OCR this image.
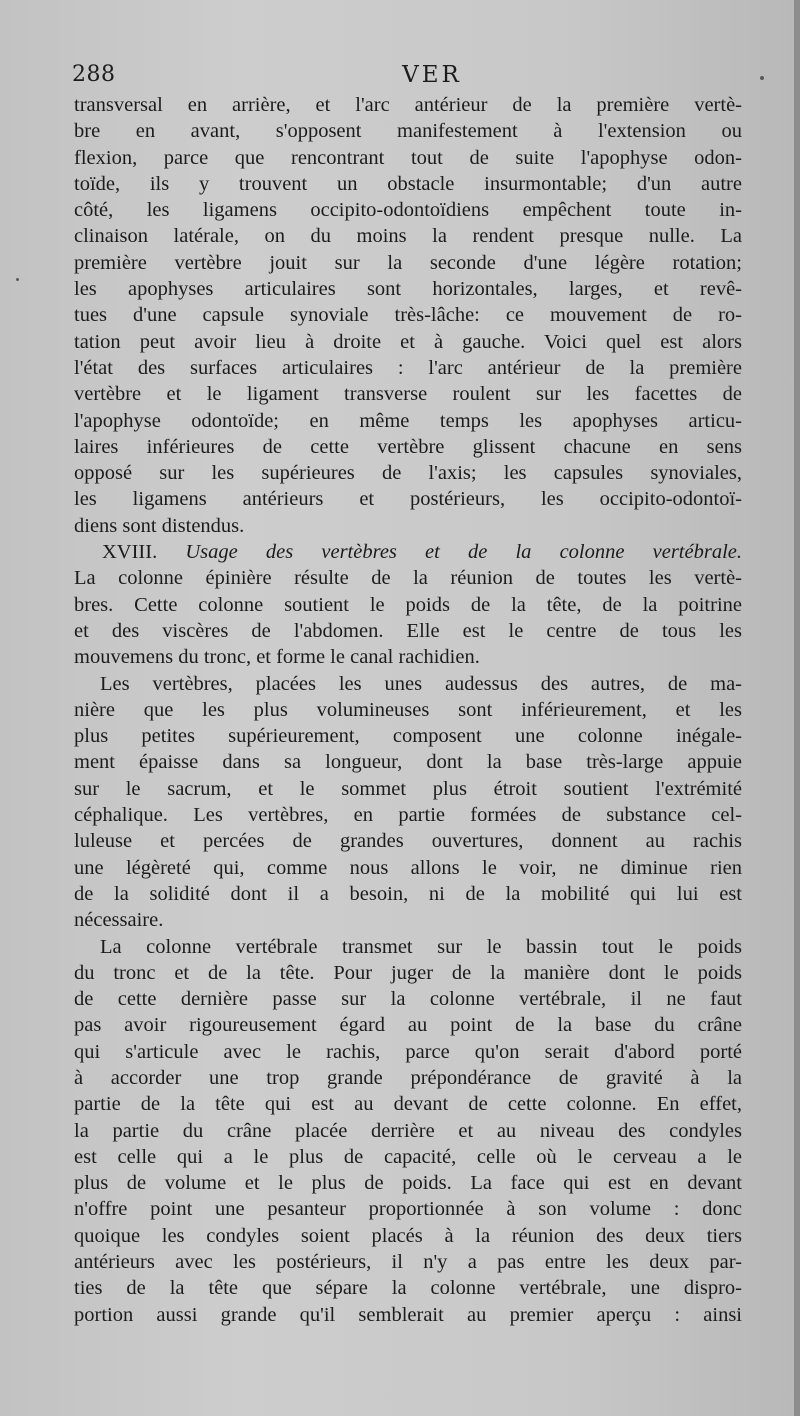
288	VER
transversal en arrière, et l'arc antérieur de la première vertè-
bre en avant, s'opposent manifestement à l'extension ou
flexion, parce que rencontrant tout de suite l'apophyse odon-
toïde, ils y trouvent un obstacle insurmontable; d'un autre
côté, les ligamens occipito-odontoïdiens empêchent toute in-
clinaison latérale, on du moins la rendent presque nulle. La
première vertèbre jouit sur la seconde d'une légère rotation;
les apophyses articulaires sont horizontales, larges, et revê-
tues d'une capsule synoviale très-lâche: ce mouvement de ro-
tation peut avoir lieu à droite et à gauche. Voici quel est alors
l'état des surfaces articulaires : l'arc antérieur de la première
vertèbre et le ligament transverse roulent sur les facettes de
l'apophyse odontoïde; en même temps les apophyses articu-
laires inférieures de cette vertèbre glissent chacune en sens
opposé sur les supérieures de l'axis; les capsules synoviales,
les ligamens antérieurs et postérieurs, les occipito-odontoï-
diens sont distendus.
XVIII. Usage des vertèbres et de la colonne vertébrale.
La colonne épinière résulte de la réunion de toutes les vertè-
bres. Cette colonne soutient le poids de la tête, de la poitrine
et des viscères de l'abdomen. Elle est le centre de tous les
mouvemens du tronc, et forme le canal rachidien.
Les vertèbres, placées les unes audessus des autres, de ma-
nière que les plus volumineuses sont inférieurement, et les
plus petites supérieurement, composent une colonne inégale-
ment épaisse dans sa longueur, dont la base très-large appuie
sur le sacrum, et le sommet plus étroit soutient l'extrémité
céphalique. Les vertèbres, en partie formées de substance cel-
luleuse et percées de grandes ouvertures, donnent au rachis
une légèreté qui, comme nous allons le voir, ne diminue rien
de la solidité dont il a besoin, ni de la mobilité qui lui est
nécessaire.
La colonne vertébrale transmet sur le bassin tout le poids
du tronc et de la tête. Pour juger de la manière dont le poids
de cette dernière passe sur la colonne vertébrale, il ne faut
pas avoir rigoureusement égard au point de la base du crâne
qui s'articule avec le rachis, parce qu'on serait d'abord porté
à accorder une trop grande prépondérance de gravité à la
partie de la tête qui est au devant de cette colonne. En effet,
la partie du crâne placée derrière et au niveau des condyles
est celle qui a le plus de capacité, celle où le cerveau a le
plus de volume et le plus de poids. La face qui est en devant
n'offre point une pesanteur proportionnée à son volume : donc
quoique les condyles soient placés à la réunion des deux tiers
antérieurs avec les postérieurs, il n'y a pas entre les deux par-
ties de la tête que sépare la colonne vertébrale, une dispro-
portion aussi grande qu'il semblerait au premier aperçu : ainsi
